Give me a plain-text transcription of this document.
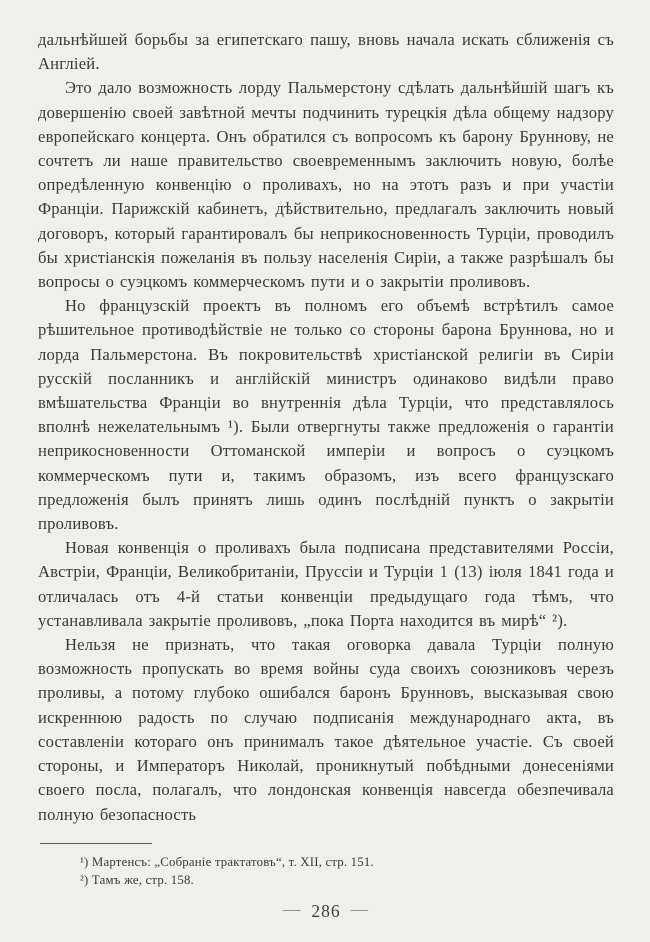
дальнѣйшей борьбы за египетскаго пашу, вновь начала искать сближенія съ Англіей.

Это дало возможность лорду Пальмерстону сдѣлать дальнѣйшій шагъ къ довершенію своей завѣтной мечты подчинить турецкія дѣла общему надзору европейскаго концерта. Онъ обратился съ вопросомъ къ барону Бруннову, не сочтетъ ли наше правительство своевременнымъ заключить новую, болѣе опредѣленную конвенцію о проливахъ, но на этотъ разъ и при участіи Франціи. Парижскій кабинетъ, дѣйствительно, предлагалъ заключить новый договоръ, который гарантировалъ бы неприкосновенность Турціи, проводилъ бы христіанскія пожеланія въ пользу населенія Сиріи, а также разрѣшалъ бы вопросы о суэцкомъ коммерческомъ пути и о закрытіи проливовъ.

Но французскій проектъ въ полномъ его объемѣ встрѣтилъ самое рѣшительное противодѣйствіе не только со стороны барона Бруннова, но и лорда Пальмерстона. Въ покровительствѣ христіанской религіи въ Сиріи русскій посланникъ и англійскій министръ одинаково видѣли право вмѣшательства Франціи во внутреннія дѣла Турціи, что представлялось вполнѣ нежелательнымъ ¹). Были отвергнуты также предложенія о гарантіи неприкосновенности Оттоманской имперіи и вопросъ о суэцкомъ коммерческомъ пути и, такимъ образомъ, изъ всего французскаго предложенія былъ принятъ лишь одинъ послѣдній пунктъ о закрытіи проливовъ.

Новая конвенція о проливахъ была подписана представителями Россіи, Австріи, Франціи, Великобританіи, Пруссіи и Турціи 1 (13) іюля 1841 года и отличалась отъ 4-й статьи конвенціи предыдущаго года тѣмъ, что устанавливала закрытіе проливовъ, „пока Порта находится въ мирѣ“ ²).

Нельзя не признать, что такая оговорка давала Турціи полную возможность пропускать во время войны суда своихъ союзниковъ черезъ проливы, а потому глубоко ошибался баронъ Брунновъ, высказывая свою искреннюю радость по случаю подписанія международнаго акта, въ составленіи котораго онъ принималъ такое дѣятельное участіе. Съ своей стороны, и Императоръ Николай, проникнутый побѣдными донесеніями своего посла, полагалъ, что лондонская конвенція навсегда обезпечивала полную безопасность

¹) Мартенсъ: „Собраніе трактатовъ“, т. XII, стр. 151.
²) Тамъ же, стр. 158.
— 286 —
